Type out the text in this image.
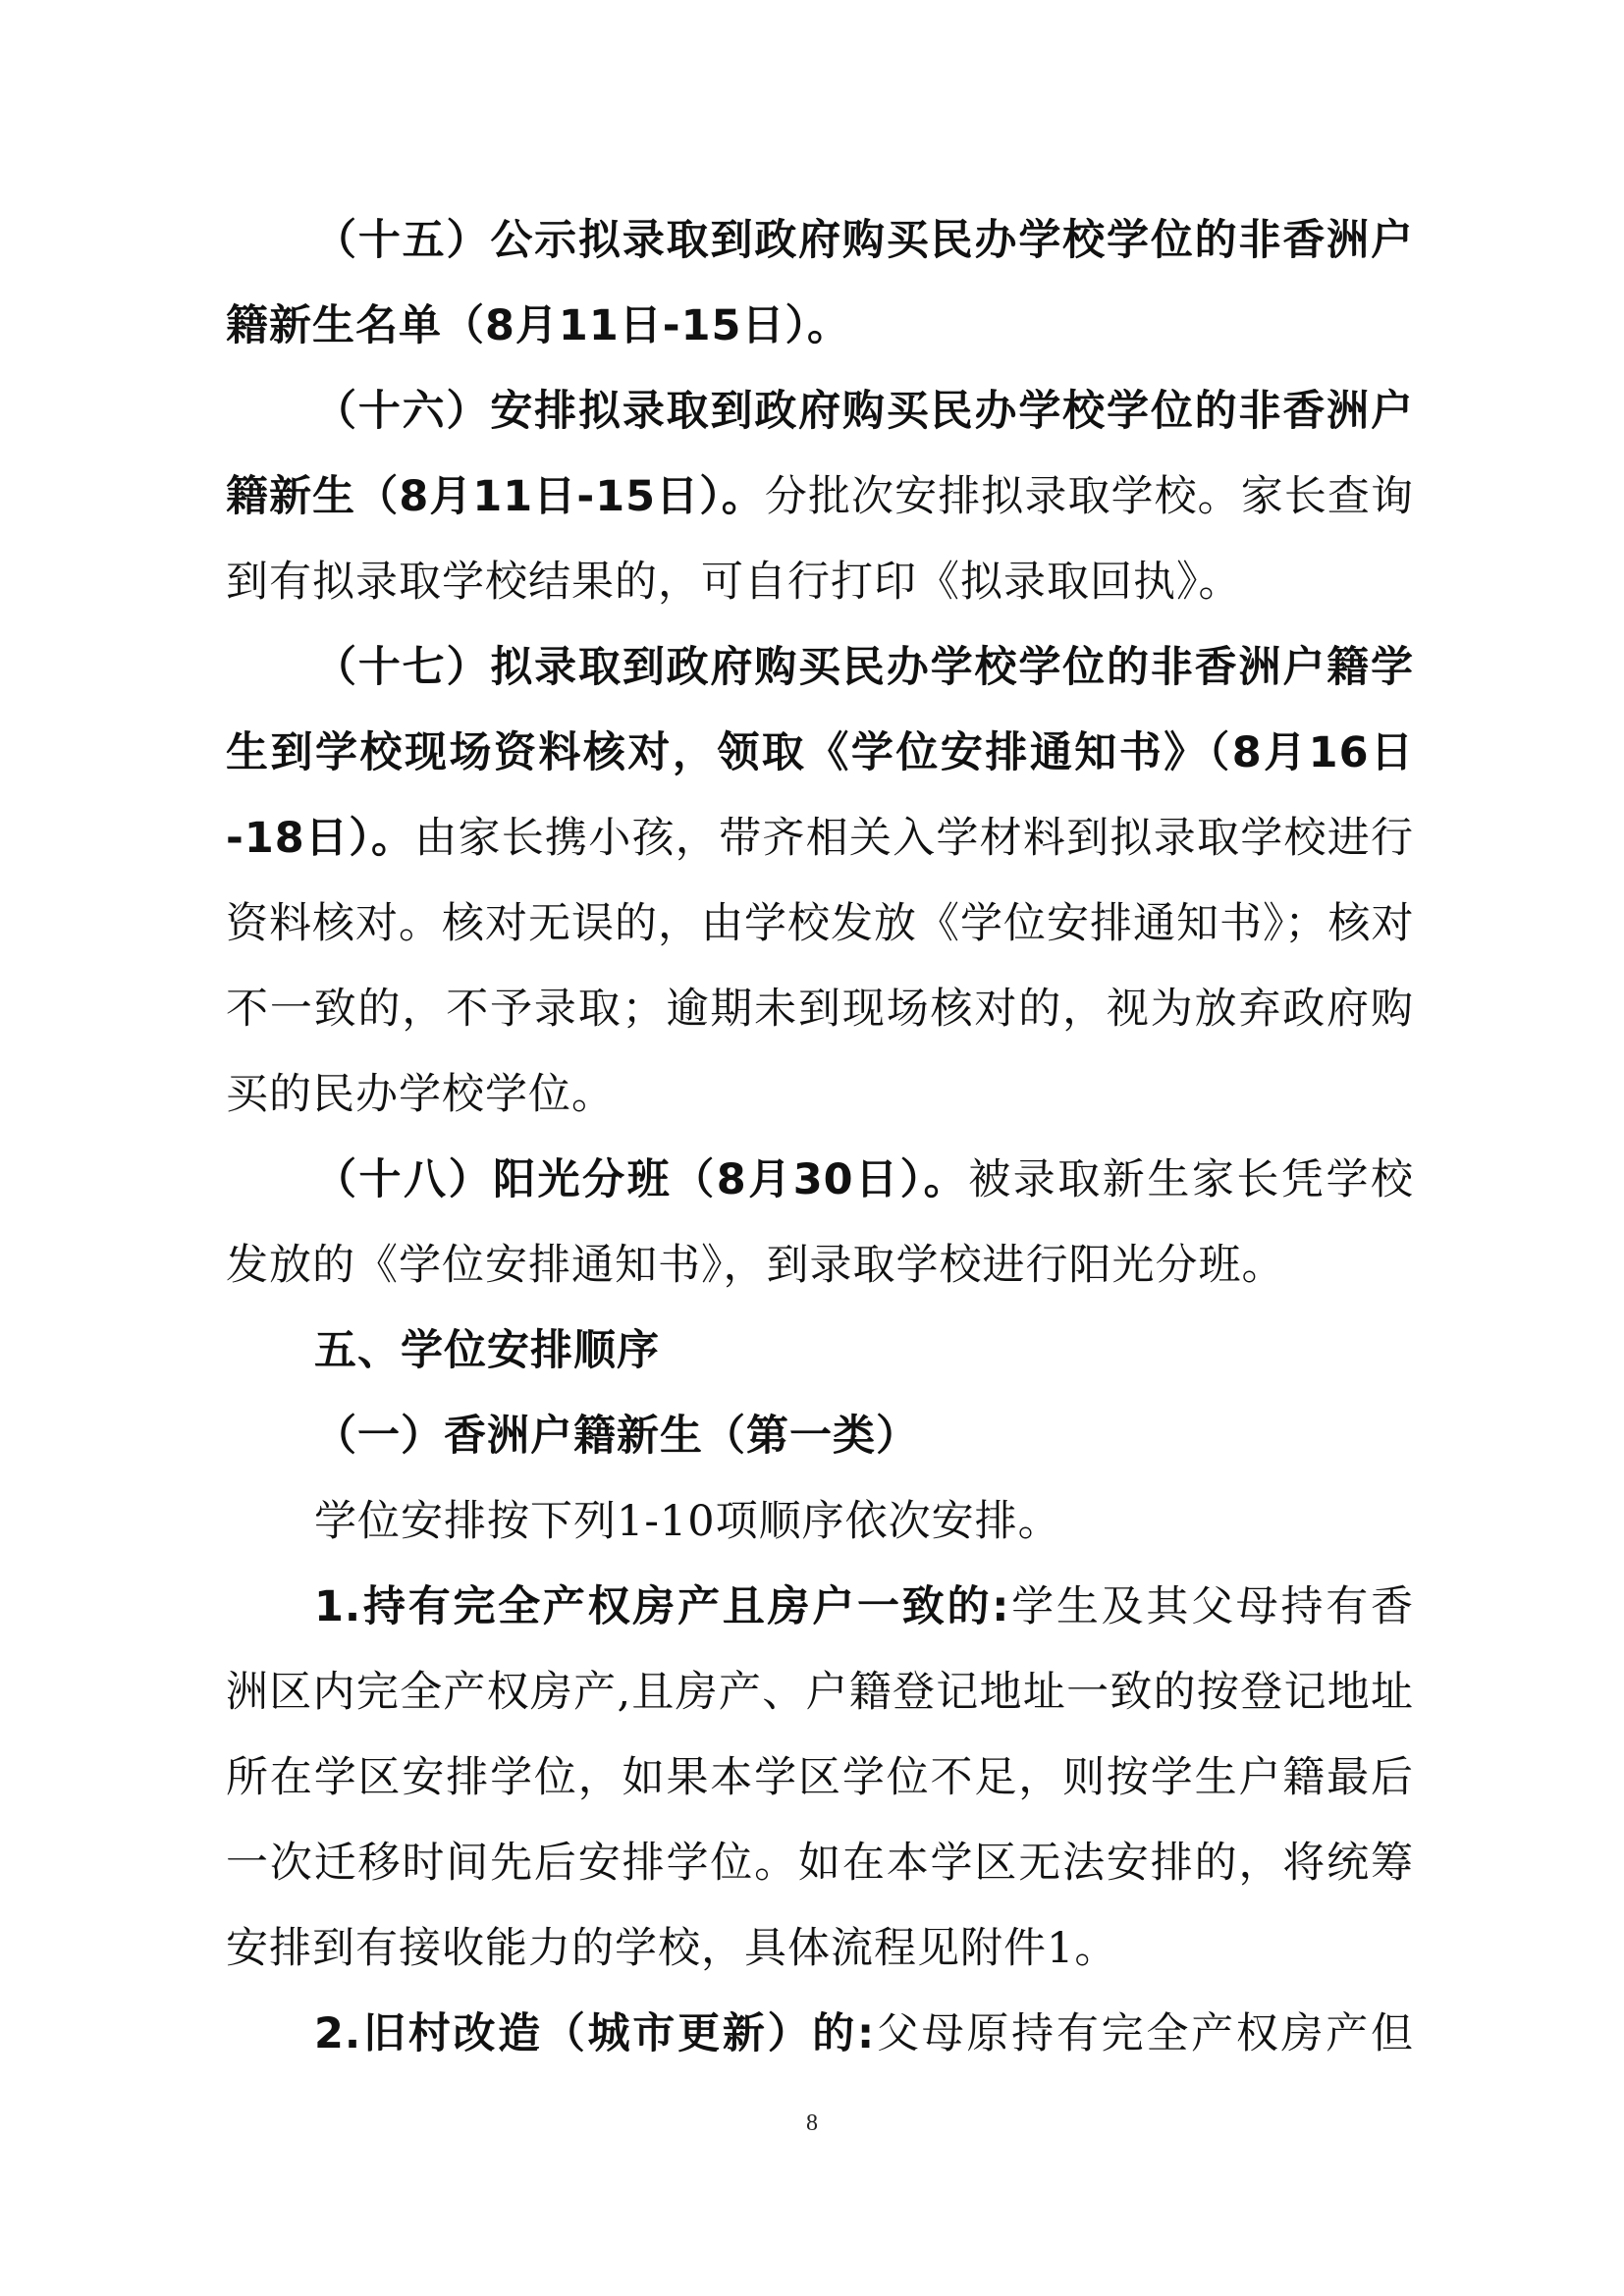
（十五）公示拟录取到政府购买民办学校学位的非香洲户
籍新生名单（8月11日-15日）。
（十六）安排拟录取到政府购买民办学校学位的非香洲户
籍新生（8月11日-15日）。分批次安排拟录取学校。家长查询
到有拟录取学校结果的，可自行打印《拟录取回执》。
（十七）拟录取到政府购买民办学校学位的非香洲户籍学
生到学校现场资料核对，领取《学位安排通知书》（8月16日
-18日）。由家长携小孩，带齐相关入学材料到拟录取学校进行
资料核对。核对无误的，由学校发放《学位安排通知书》；核对
不一致的，不予录取；逾期未到现场核对的，视为放弃政府购
买的民办学校学位。
（十八）阳光分班（8月30日）。被录取新生家长凭学校
发放的《学位安排通知书》，到录取学校进行阳光分班。
五、学位安排顺序
（一）香洲户籍新生（第一类）
学位安排按下列1-10项顺序依次安排。
1.持有完全产权房产且房户一致的:学生及其父母持有香
洲区内完全产权房产,且房产、户籍登记地址一致的按登记地址
所在学区安排学位，如果本学区学位不足，则按学生户籍最后
一次迁移时间先后安排学位。如在本学区无法安排的，将统筹
安排到有接收能力的学校，具体流程见附件1。
2.旧村改造（城市更新）的:父母原持有完全产权房产但
8
